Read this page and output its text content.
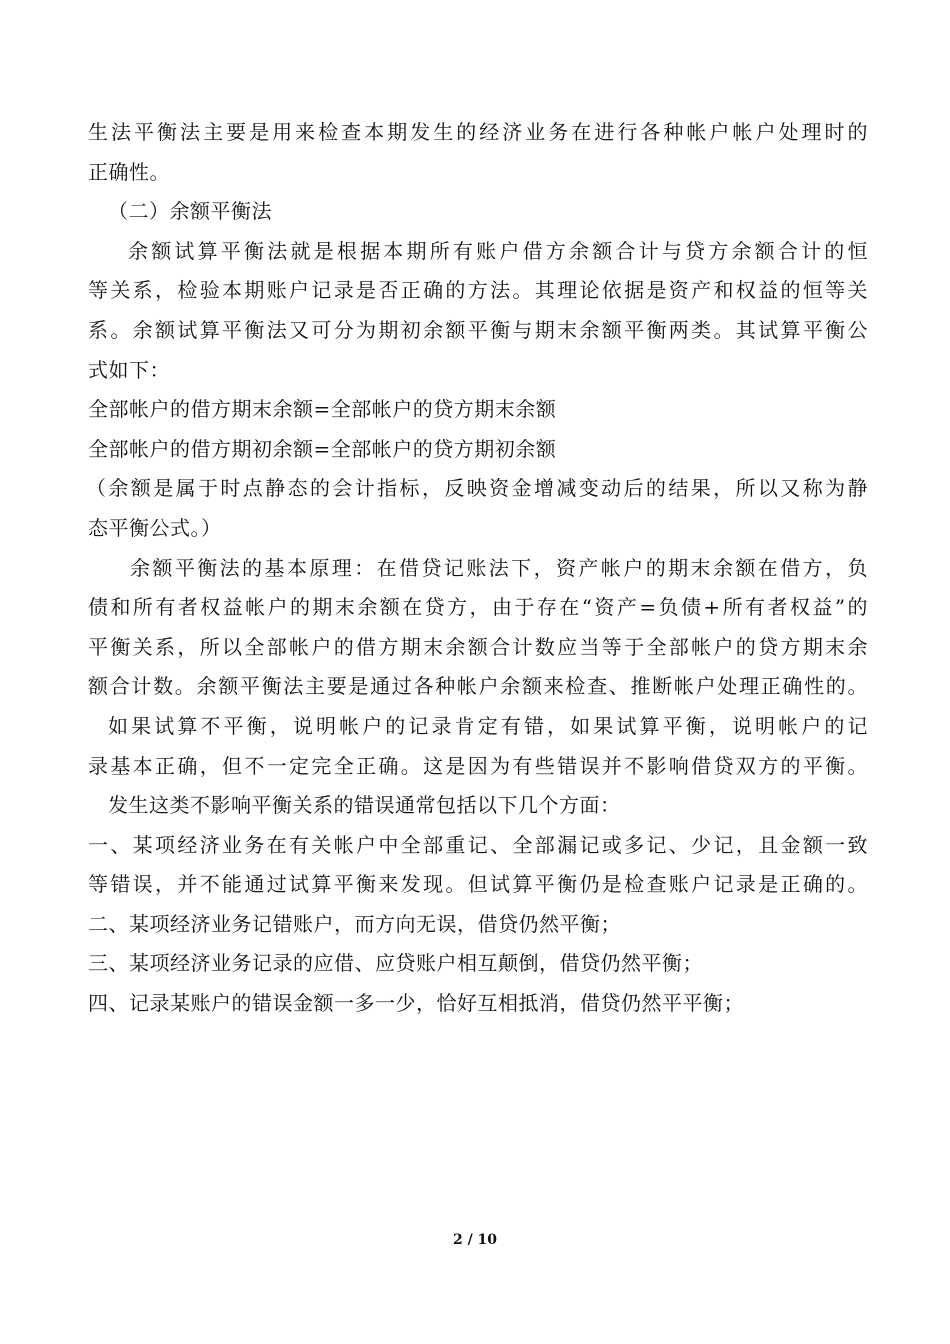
生法平衡法主要是用来检查本期发生的经济业务在进行各种帐户帐户处理时的
正确性。
（二）余额平衡法
余额试算平衡法就是根据本期所有账户借方余额合计与贷方余额合计的恒
等关系，检验本期账户记录是否正确的方法。其理论依据是资产和权益的恒等关
系。余额试算平衡法又可分为期初余额平衡与期末余额平衡两类。其试算平衡公
式如下：
全部帐户的借方期末余额=全部帐户的贷方期末余额
全部帐户的借方期初余额=全部帐户的贷方期初余额
（余额是属于时点静态的会计指标，反映资金增减变动后的结果，所以又称为静
态平衡公式。）
余额平衡法的基本原理：在借贷记账法下，资产帐户的期末余额在借方，负
债和所有者权益帐户的期末余额在贷方，由于存在“资产=负债+所有者权益”的
平衡关系，所以全部帐户的借方期末余额合计数应当等于全部帐户的贷方期末余
额合计数。余额平衡法主要是通过各种帐户余额来检查、推断帐户处理正确性的。
如果试算不平衡，说明帐户的记录肯定有错，如果试算平衡，说明帐户的记
录基本正确，但不一定完全正确。这是因为有些错误并不影响借贷双方的平衡。
发生这类不影响平衡关系的错误通常包括以下几个方面：
一、某项经济业务在有关帐户中全部重记、全部漏记或多记、少记，且金额一致
等错误，并不能通过试算平衡来发现。但试算平衡仍是检查账户记录是正确的。
二、某项经济业务记错账户，而方向无误，借贷仍然平衡；
三、某项经济业务记录的应借、应贷账户相互颠倒，借贷仍然平衡；
四、记录某账户的错误金额一多一少，恰好互相抵消，借贷仍然平平衡；
2 / 10
